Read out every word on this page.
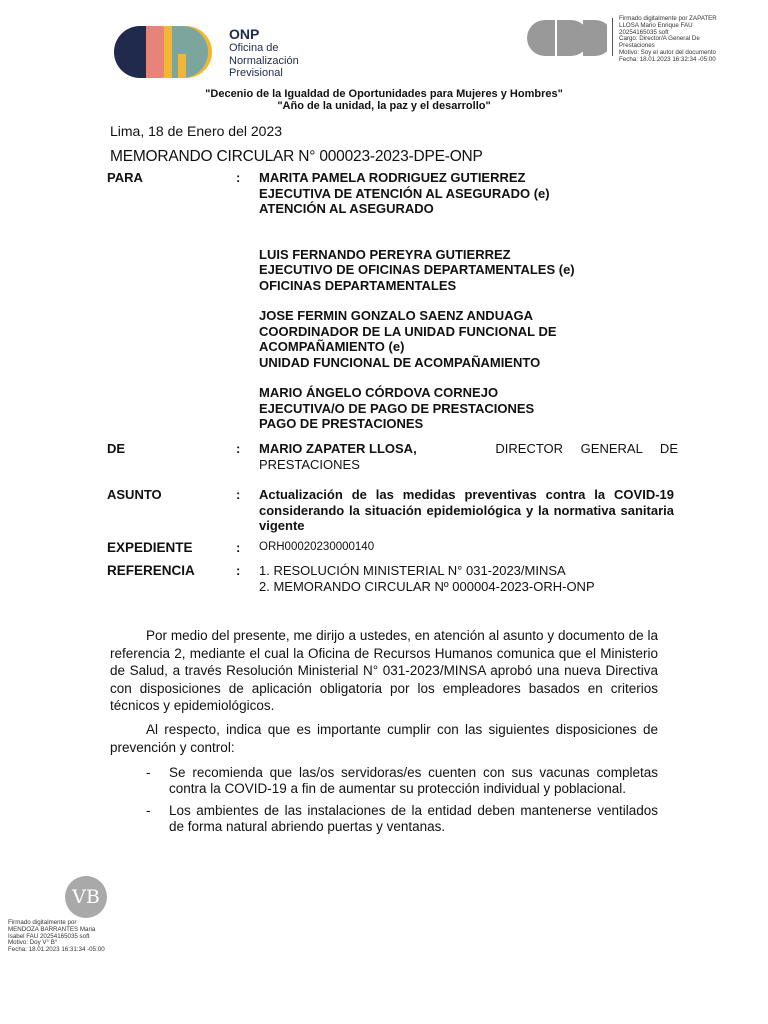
ONP
Oficina de
Normalización
Previsional
Firmado digitalmente por ZAPATER
LLOSA Mario Enrique FAU
20254165035 soft
Cargo: Director/A General De
Prestaciones
Motivo: Soy el autor del documento
Fecha: 18.01.2023 16:32:34 -05:00
"Decenio de la Igualdad de Oportunidades para Mujeres y Hombres"
"Año de la unidad, la paz y el desarrollo"
Lima, 18 de Enero del 2023
MEMORANDO CIRCULAR N° 000023-2023-DPE-ONP
PARA	: MARITA PAMELA RODRIGUEZ GUTIERREZ
EJECUTIVA DE ATENCIÓN AL ASEGURADO (e)
ATENCIÓN AL ASEGURADO
LUIS FERNANDO PEREYRA GUTIERREZ
EJECUTIVO DE OFICINAS DEPARTAMENTALES (e)
OFICINAS DEPARTAMENTALES
JOSE FERMIN GONZALO SAENZ ANDUAGA
COORDINADOR DE LA UNIDAD FUNCIONAL DE
ACOMPAÑAMIENTO (e)
UNIDAD FUNCIONAL DE ACOMPAÑAMIENTO
MARIO ÁNGELO CÓRDOVA CORNEJO
EJECUTIVA/O DE PAGO DE PRESTACIONES
PAGO DE PRESTACIONES
DE	: MARIO ZAPATER LLOSA,	DIRECTOR GENERAL DE
PRESTACIONES
ASUNTO	: Actualización de las medidas preventivas contra la COVID-19 considerando la situación epidemiológica y la normativa sanitaria vigente
EXPEDIENTE	: ORH00020230000140
REFERENCIA	: 1. RESOLUCIÓN MINISTERIAL N° 031-2023/MINSA
2. MEMORANDO CIRCULAR Nº 000004-2023-ORH-ONP
Por medio del presente, me dirijo a ustedes, en atención al asunto y documento de la referencia 2, mediante el cual la Oficina de Recursos Humanos comunica que el Ministerio de Salud, a través Resolución Ministerial N° 031-2023/MINSA aprobó una nueva Directiva con disposiciones de aplicación obligatoria por los empleadores basados en criterios técnicos y epidemiológicos.
Al respecto, indica que es importante cumplir con las siguientes disposiciones de prevención y control:
- Se recomienda que las/os servidoras/es cuenten con sus vacunas completas contra la COVID-19 a fin de aumentar su protección individual y poblacional.
- Los ambientes de las instalaciones de la entidad deben mantenerse ventilados de forma natural abriendo puertas y ventanas.
VB
Firmado digitalmente por
MENDOZA BARRANTES Maria
Isabel FAU 20254165035 soft
Motivo: Doy V° B°
Fecha: 18.01.2023 16:31:34 -05:00
